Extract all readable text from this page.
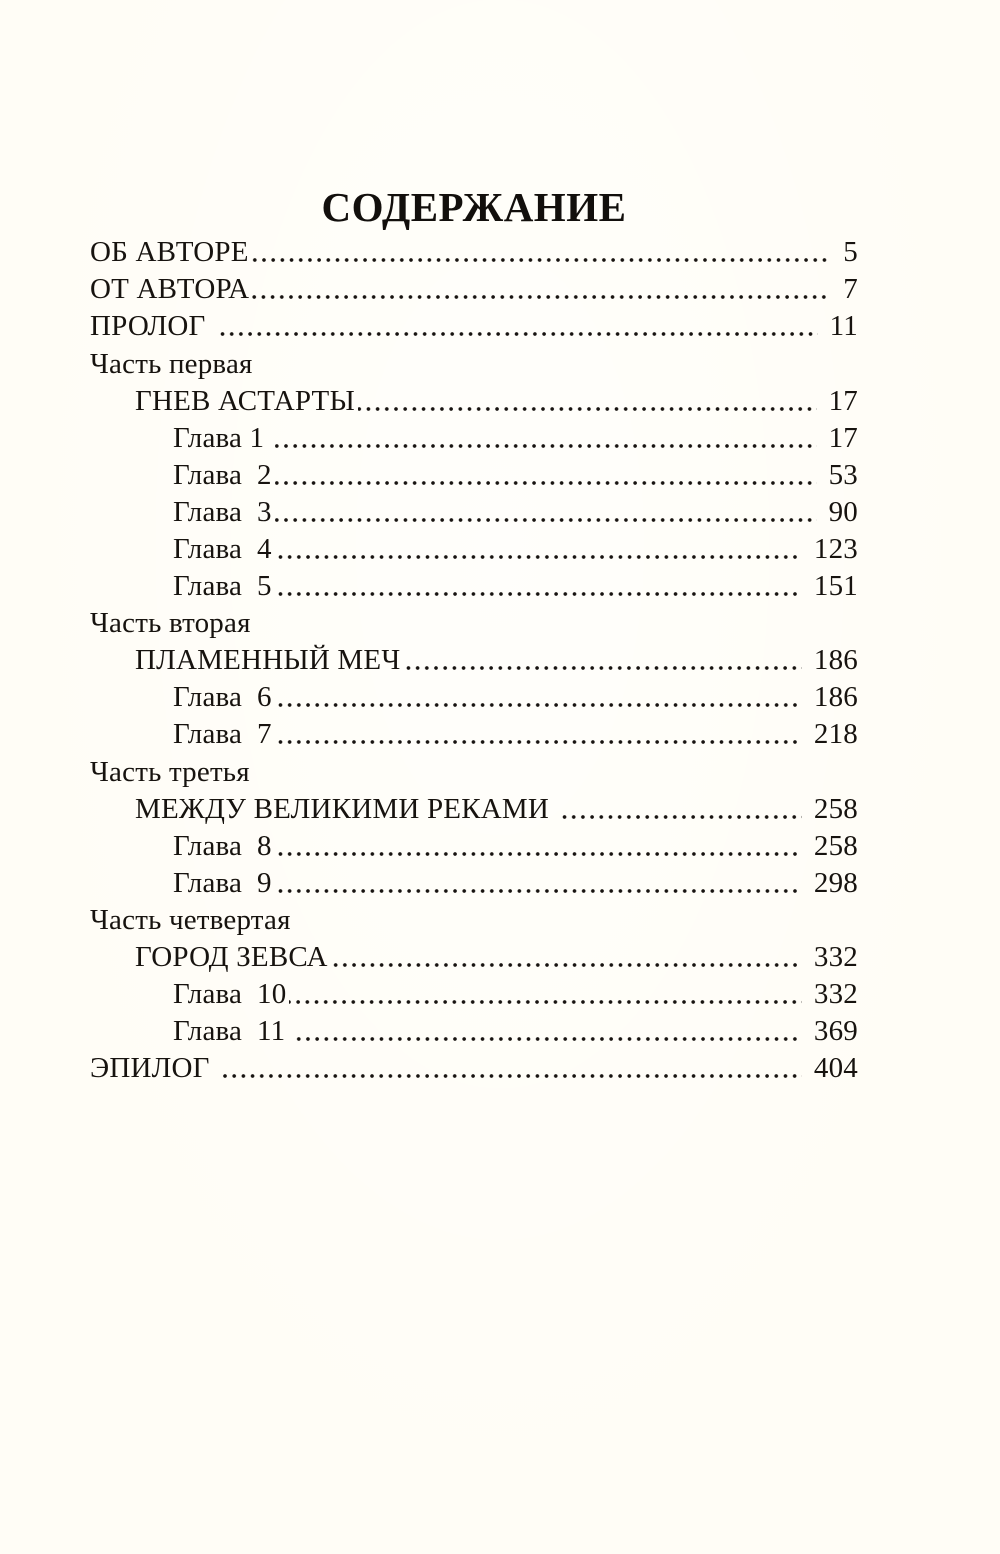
СОДЕРЖАНИЕ
ОБ АВТОРЕ	5
ОТ АВТОРА	7
ПРОЛОГ	11
Часть первая
ГНЕВ АСТАРТЫ	17
Глава 1	17
Глава  2	53
Глава  3	90
Глава  4	123
Глава  5	151
Часть вторая
ПЛАМЕННЫЙ МЕЧ	186
Глава  6	186
Глава  7	218
Часть третья
МЕЖДУ ВЕЛИКИМИ РЕКАМИ	258
Глава  8	258
Глава  9	298
Часть четвертая
ГОРОД ЗЕВСА	332
Глава  10	332
Глава  11	369
ЭПИЛОГ	404
